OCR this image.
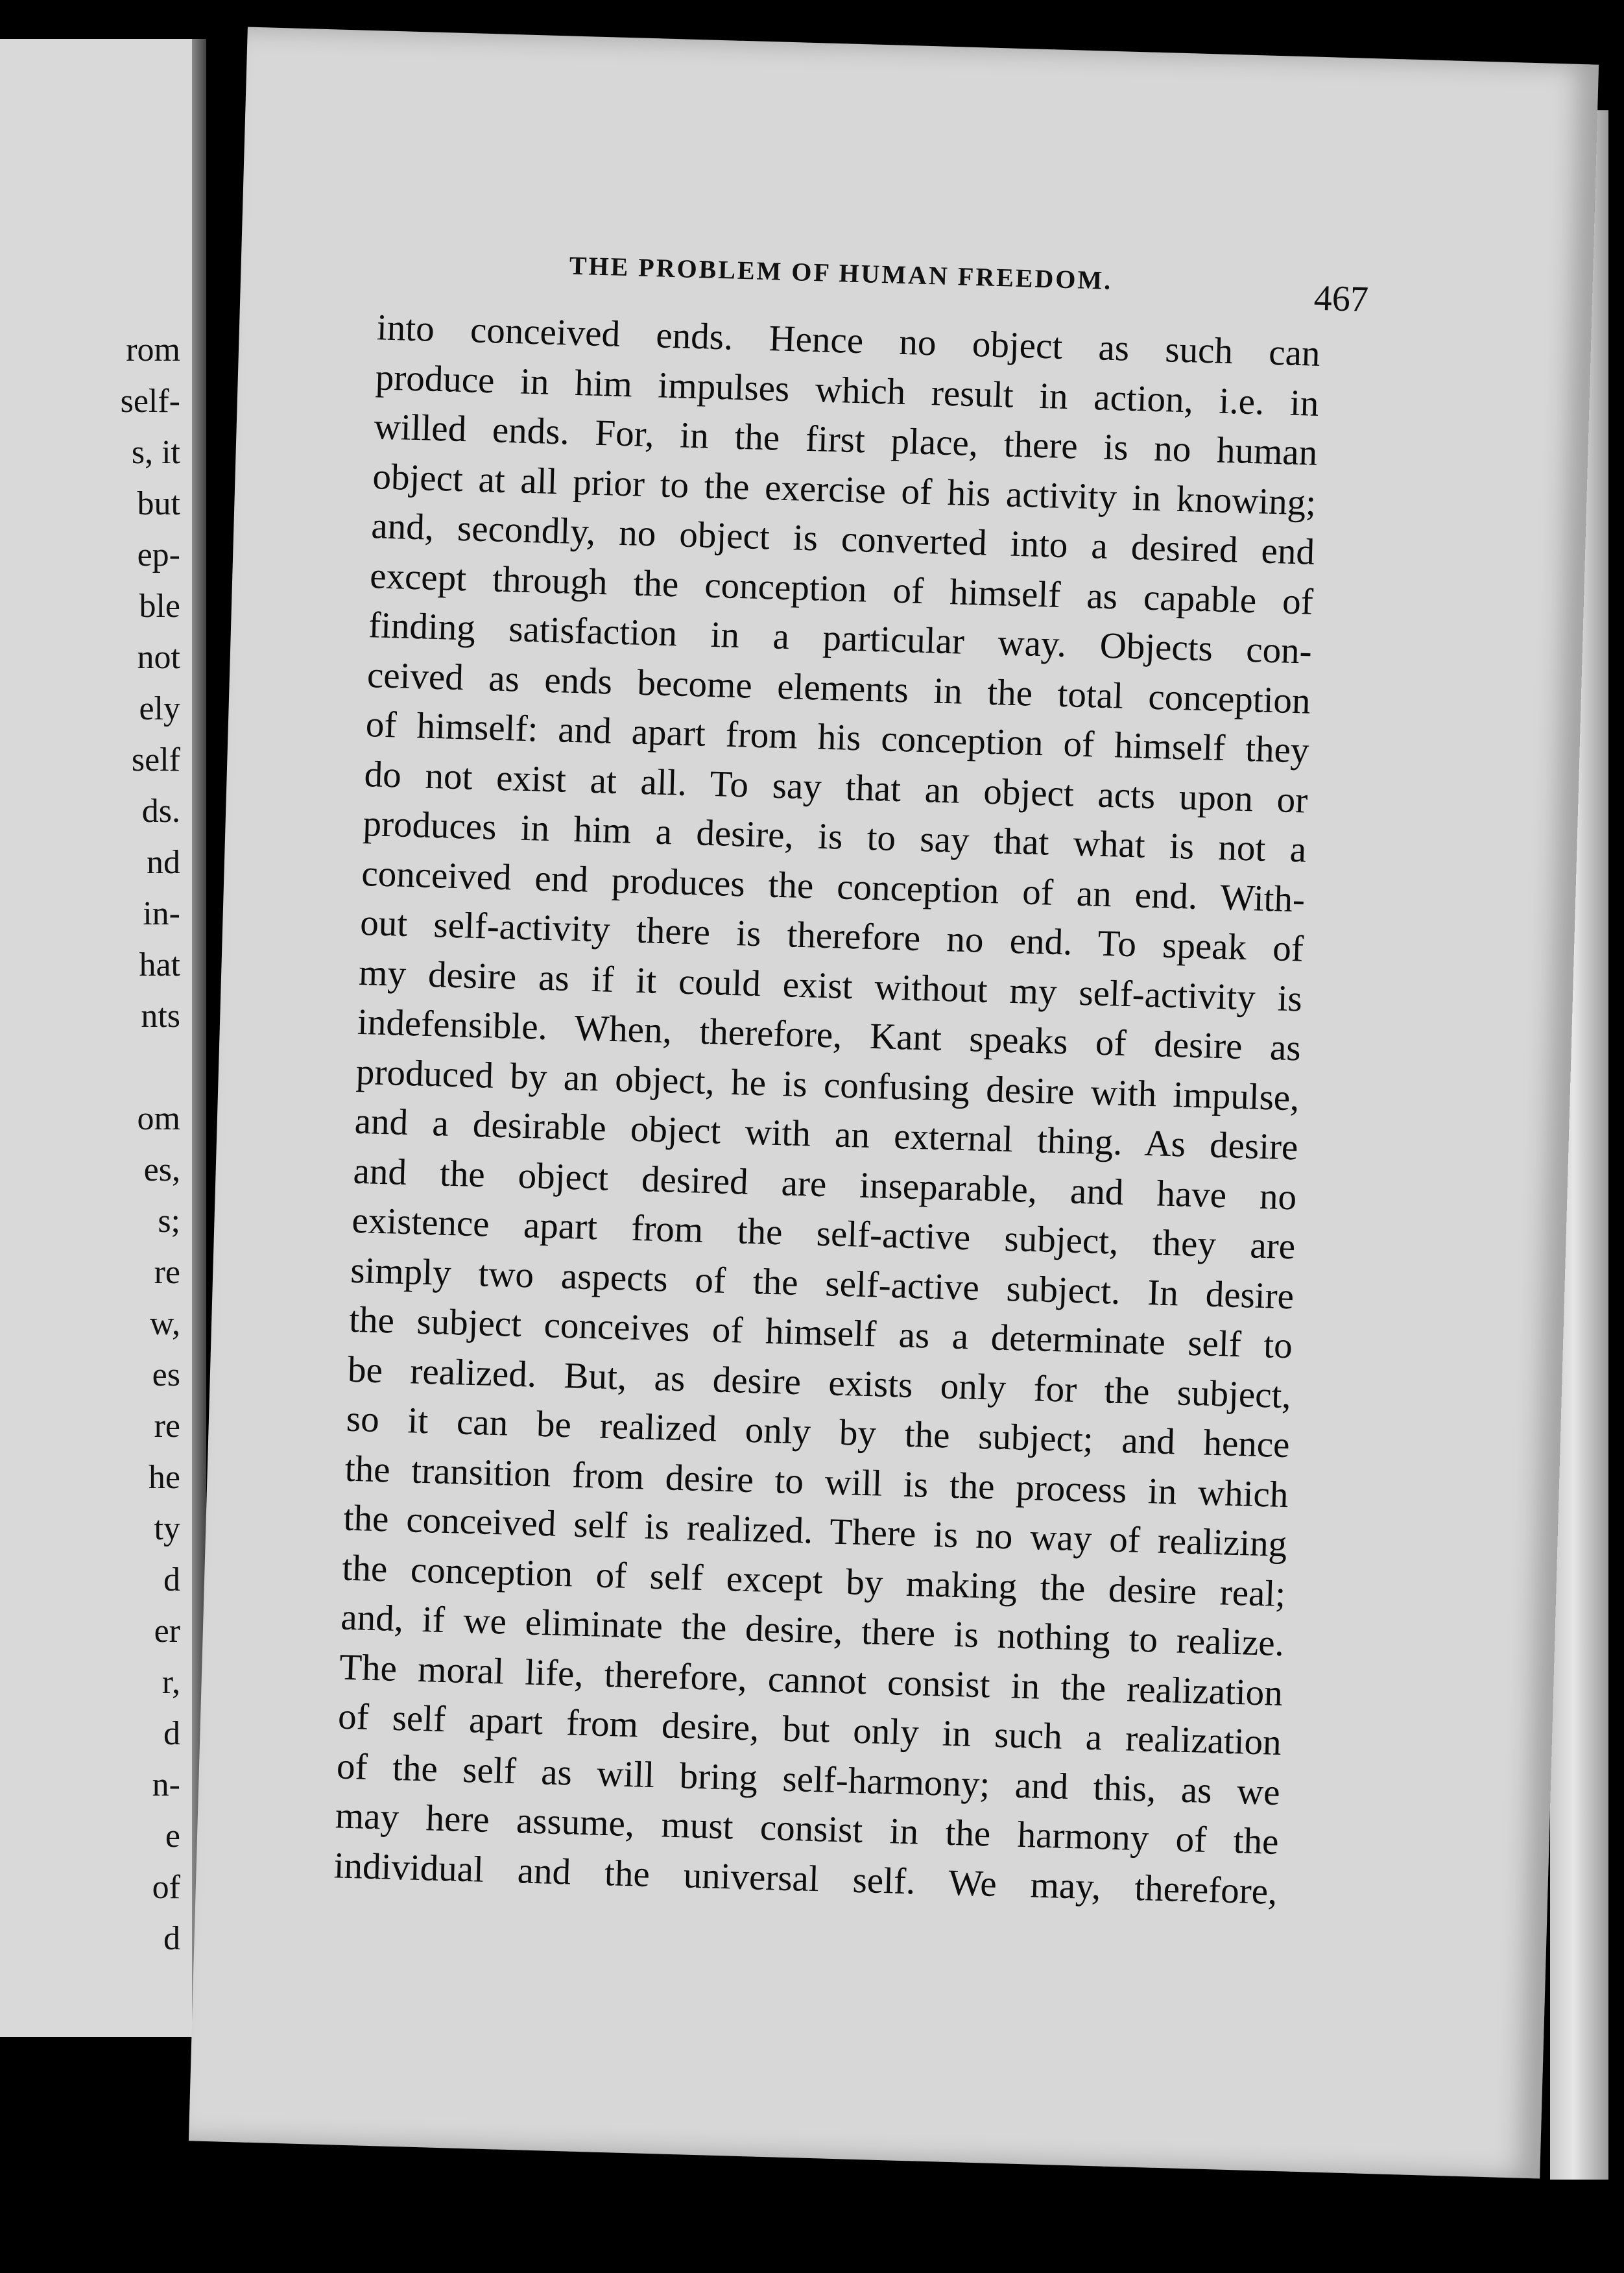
rom
self-
s, it
but
ep-
ble
not
ely
self
ds.
nd
in-
hat
nts
om
es,
s;
re
w,
es
re
he
ty
d
er
r,
d
n-
e
of
d
THE PROBLEM OF HUMAN FREEDOM.
467
into conceived ends. Hence no object as such can
produce in him impulses which result in action, i.e. in
willed ends. For, in the first place, there is no human
object at all prior to the exercise of his activity in knowing;
and, secondly, no object is converted into a desired end
except through the conception of himself as capable of
finding satisfaction in a particular way. Objects con-
ceived as ends become elements in the total conception
of himself: and apart from his conception of himself they
do not exist at all. To say that an object acts upon or
produces in him a desire, is to say that what is not a
conceived end produces the conception of an end. With-
out self-activity there is therefore no end. To speak of
my desire as if it could exist without my self-activity is
indefensible. When, therefore, Kant speaks of desire as
produced by an object, he is confusing desire with impulse,
and a desirable object with an external thing. As desire
and the object desired are inseparable, and have no
existence apart from the self-active subject, they are
simply two aspects of the self-active subject. In desire
the subject conceives of himself as a determinate self to
be realized. But, as desire exists only for the subject,
so it can be realized only by the subject; and hence
the transition from desire to will is the process in which
the conceived self is realized. There is no way of realizing
the conception of self except by making the desire real;
and, if we eliminate the desire, there is nothing to realize.
The moral life, therefore, cannot consist in the realization
of self apart from desire, but only in such a realization
of the self as will bring self-harmony; and this, as we
may here assume, must consist in the harmony of the
individual and the universal self. We may, therefore,
